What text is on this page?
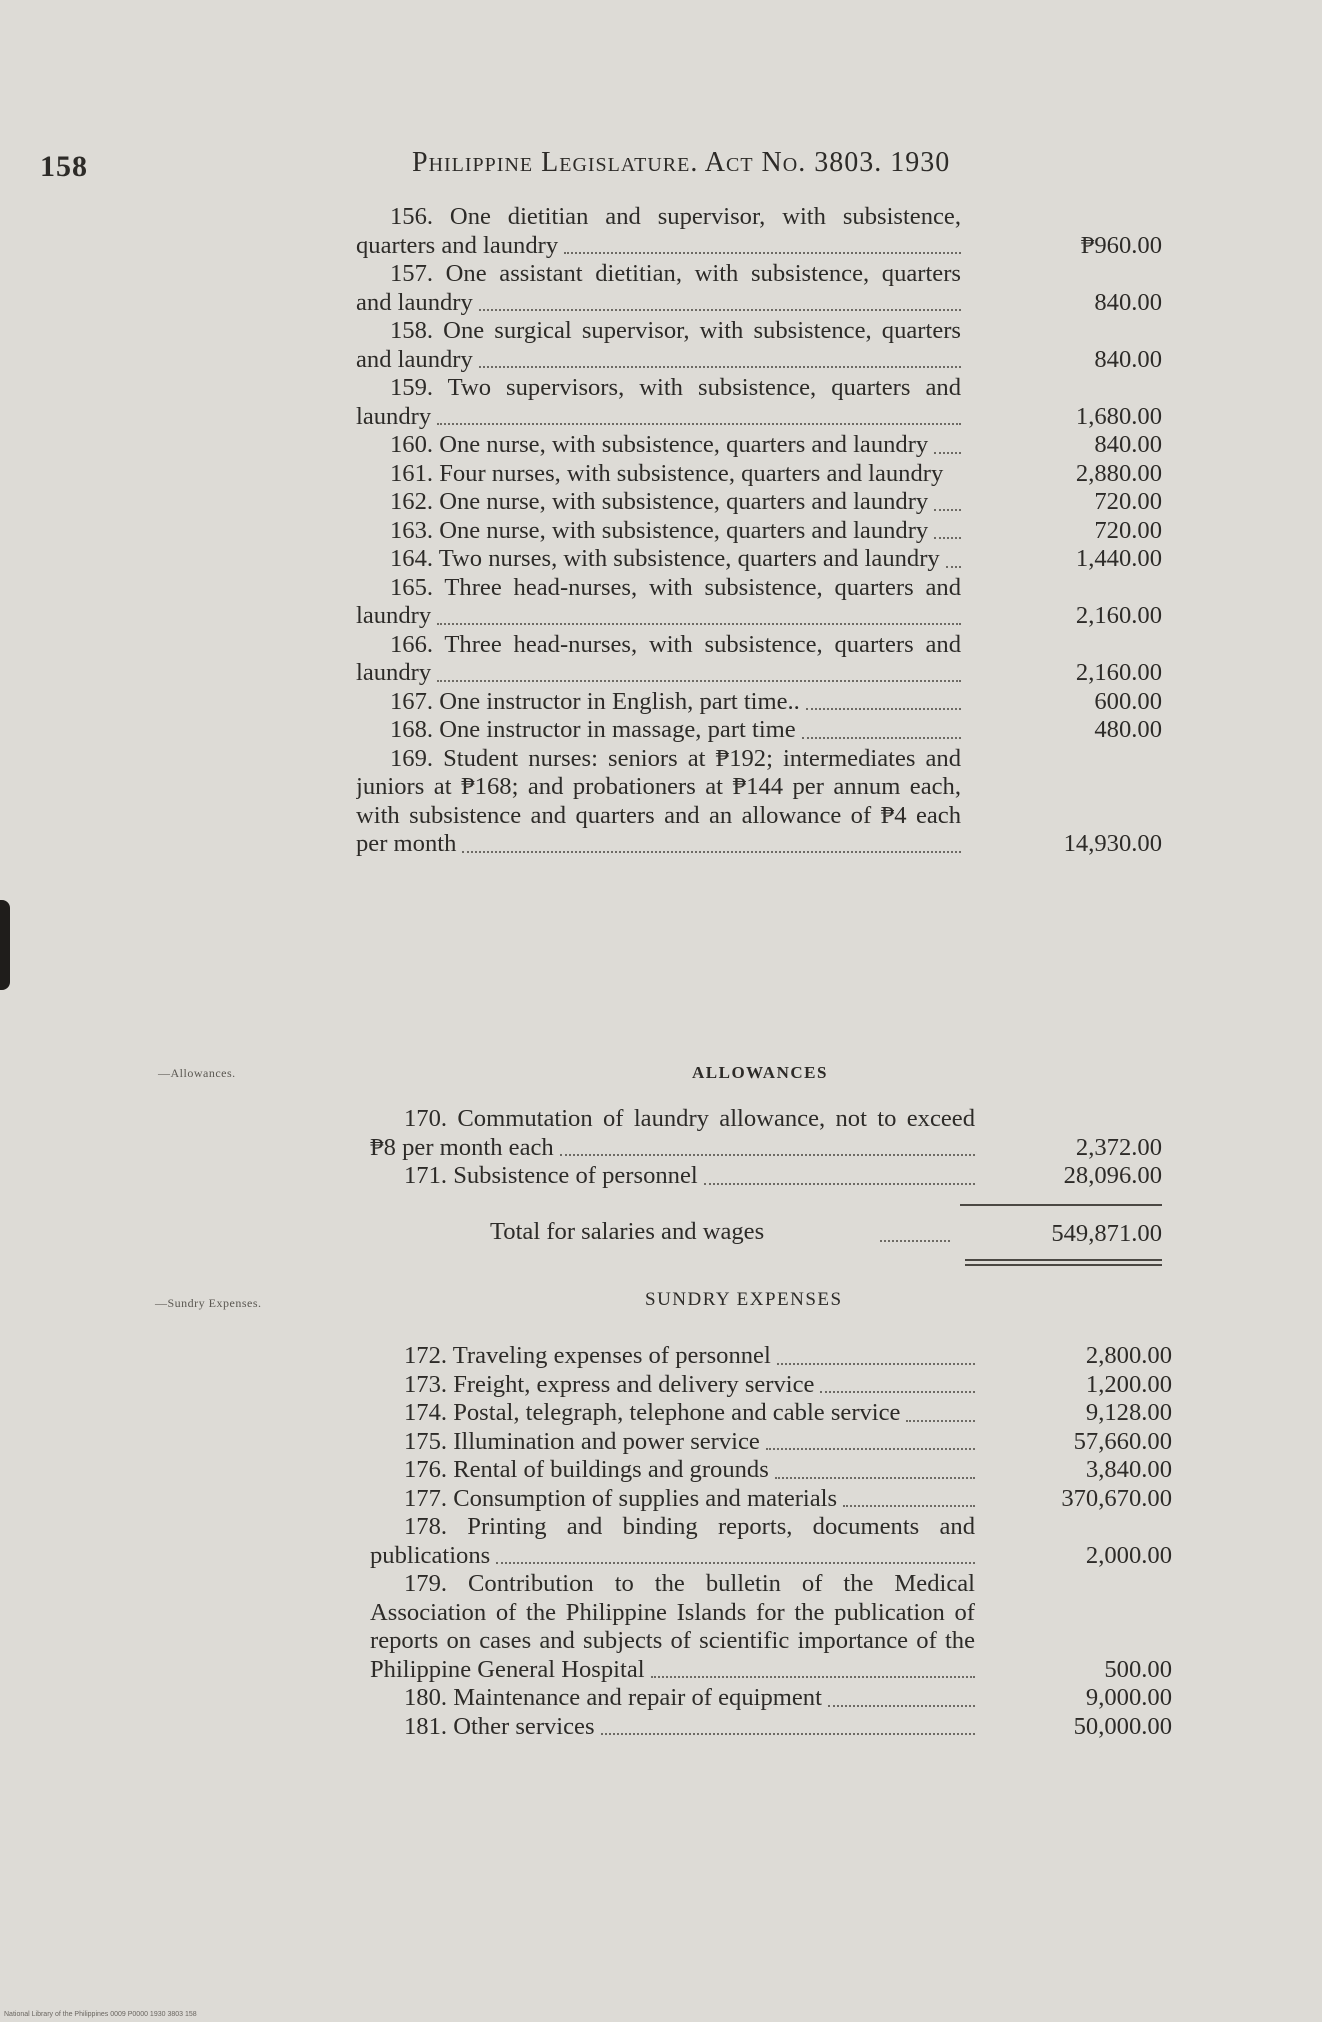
158	Philippine Legislature. Act No. 3803. 1930
156. One dietitian and supervisor, with subsistence, quarters and laundry	₱960.00
157. One assistant dietitian, with subsistence, quarters and laundry	840.00
158. One surgical supervisor, with subsistence, quarters and laundry	840.00
159. Two supervisors, with subsistence, quarters and laundry	1,680.00
160. One nurse, with subsistence, quarters and laundry	840.00
161. Four nurses, with subsistence, quarters and laundry	2,880.00
162. One nurse, with subsistence, quarters and laundry	720.00
163. One nurse, with subsistence, quarters and laundry	720.00
164. Two nurses, with subsistence, quarters and laundry	1,440.00
165. Three head-nurses, with subsistence, quarters and laundry	2,160.00
166. Three head-nurses, with subsistence, quarters and laundry	2,160.00
167. One instructor in English, part time..	600.00
168. One instructor in massage, part time	480.00
169. Student nurses: seniors at ₱192; intermediates and juniors at ₱168; and probationers at ₱144 per annum each, with subsistence and quarters and an allowance of ₱4 each per month	14,930.00
—Allowances.	ALLOWANCES
170. Commutation of laundry allowance, not to exceed ₱8 per month each	2,372.00
171. Subsistence of personnel	28,096.00
Total for salaries and wages	549,871.00
—Sundry Expenses.	SUNDRY EXPENSES
172. Traveling expenses of personnel	2,800.00
173. Freight, express and delivery service	1,200.00
174. Postal, telegraph, telephone and cable service	9,128.00
175. Illumination and power service	57,660.00
176. Rental of buildings and grounds	3,840.00
177. Consumption of supplies and materials	370,670.00
178. Printing and binding reports, documents and publications	2,000.00
179. Contribution to the bulletin of the Medical Association of the Philippine Islands for the publication of reports on cases and subjects of scientific importance of the Philippine General Hospital	500.00
180. Maintenance and repair of equipment	9,000.00
181. Other services	50,000.00
National Library of the Philippines 0009 P0000 1930 3803 158
